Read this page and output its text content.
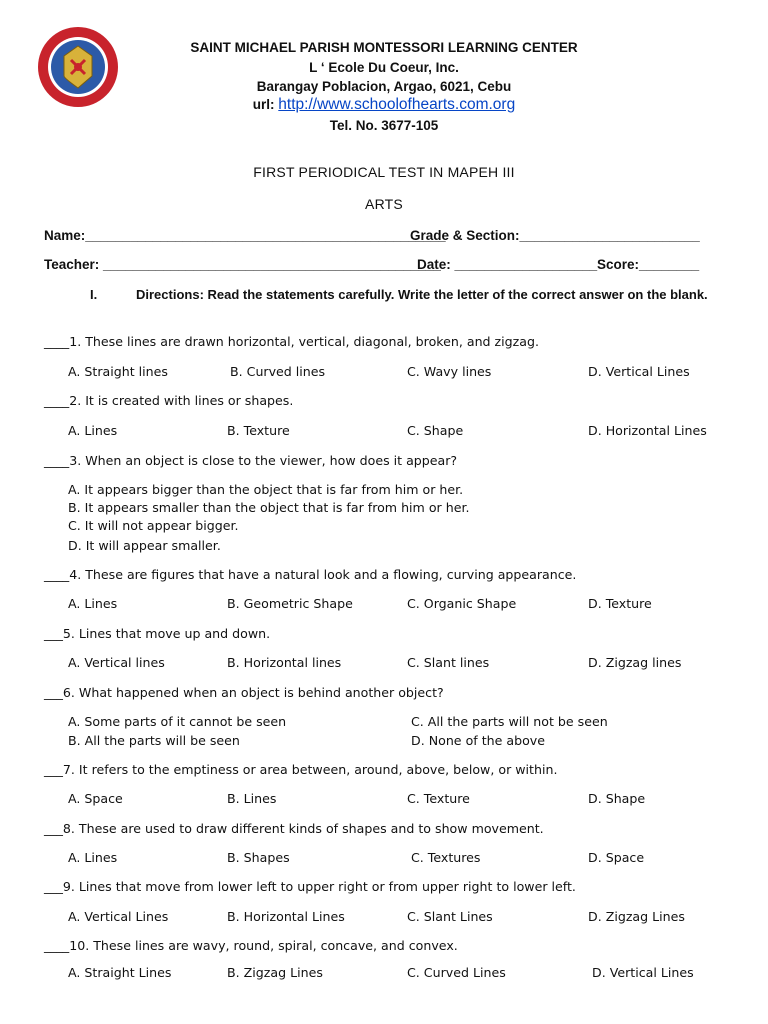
SAINT MICHAEL PARISH MONTESSORI LEARNING CENTER
L ‘ Ecole Du Coeur, Inc.
Barangay Poblacion, Argao, 6021, Cebu
url: http://www.schoolofhearts.com.org
Tel. No. 3677-105
FIRST PERIODICAL TEST IN MAPEH III
ARTS
Name:________________________________________________
Grade & Section:________________________
Teacher: _____________________________________________
Date: ___________________ Score:________
I.	Directions: Read the statements carefully. Write the letter of the correct answer on the blank.
____1. These lines are drawn horizontal, vertical, diagonal, broken, and zigzag.
A. Straight lines	B. Curved lines	C. Wavy lines	D. Vertical Lines
____2. It is created with lines or shapes.
A. Lines	B. Texture	C. Shape	D. Horizontal Lines
____3. When an object is close to the viewer, how does it appear?
A. It appears bigger than the object that is far from him or her.
B. It appears smaller than the object that is far from him or her.
C. It will not appear bigger.
D. It will appear smaller.
____4. These are figures that have a natural look and a flowing, curving appearance.
A. Lines	B. Geometric Shape	C. Organic Shape	D. Texture
___5. Lines that move up and down.
A. Vertical lines	B. Horizontal lines	C. Slant lines	D. Zigzag lines
___6. What happened when an object is behind another object?
A. Some parts of it cannot be seen	C. All the parts will not be seen
B. All the parts will be seen	D. None of the above
___7. It refers to the emptiness or area between, around, above, below, or within.
A. Space	B. Lines	C. Texture	D. Shape
___8. These are used to draw different kinds of shapes and to show movement.
A. Lines	B. Shapes	C. Textures	D. Space
___9. Lines that move from lower left to upper right or from upper right to lower left.
A. Vertical Lines	B. Horizontal Lines	C. Slant Lines	D. Zigzag Lines
____10. These lines are wavy, round, spiral, concave, and convex.
A. Straight Lines	B. Zigzag Lines	C. Curved Lines	D. Vertical Lines
